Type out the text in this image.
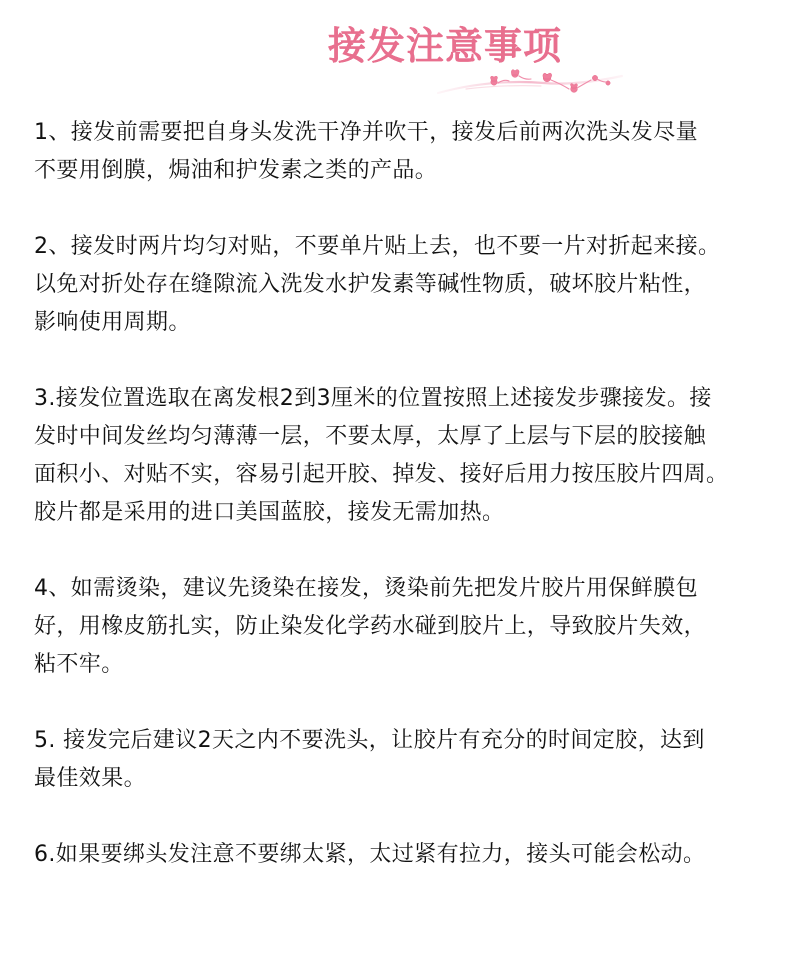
接发注意事项
1、接发前需要把自身头发洗干净并吹干，接发后前两次洗头发尽量
不要用倒膜，焗油和护发素之类的产品。
2、接发时两片均匀对贴，不要单片贴上去，也不要一片对折起来接。
以免对折处存在缝隙流入洗发水护发素等碱性物质，破坏胶片粘性，
影响使用周期。
3.接发位置选取在离发根2到3厘米的位置按照上述接发步骤接发。接
发时中间发丝均匀薄薄一层，不要太厚，太厚了上层与下层的胶接触
面积小、对贴不实，容易引起开胶、掉发、接好后用力按压胶片四周。
胶片都是采用的进口美国蓝胶，接发无需加热。
4、如需烫染，建议先烫染在接发，烫染前先把发片胶片用保鲜膜包
好，用橡皮筋扎实，防止染发化学药水碰到胶片上，导致胶片失效，
粘不牢。
5. 接发完后建议2天之内不要洗头，让胶片有充分的时间定胶，达到
最佳效果。
6.如果要绑头发注意不要绑太紧，太过紧有拉力，接头可能会松动。
